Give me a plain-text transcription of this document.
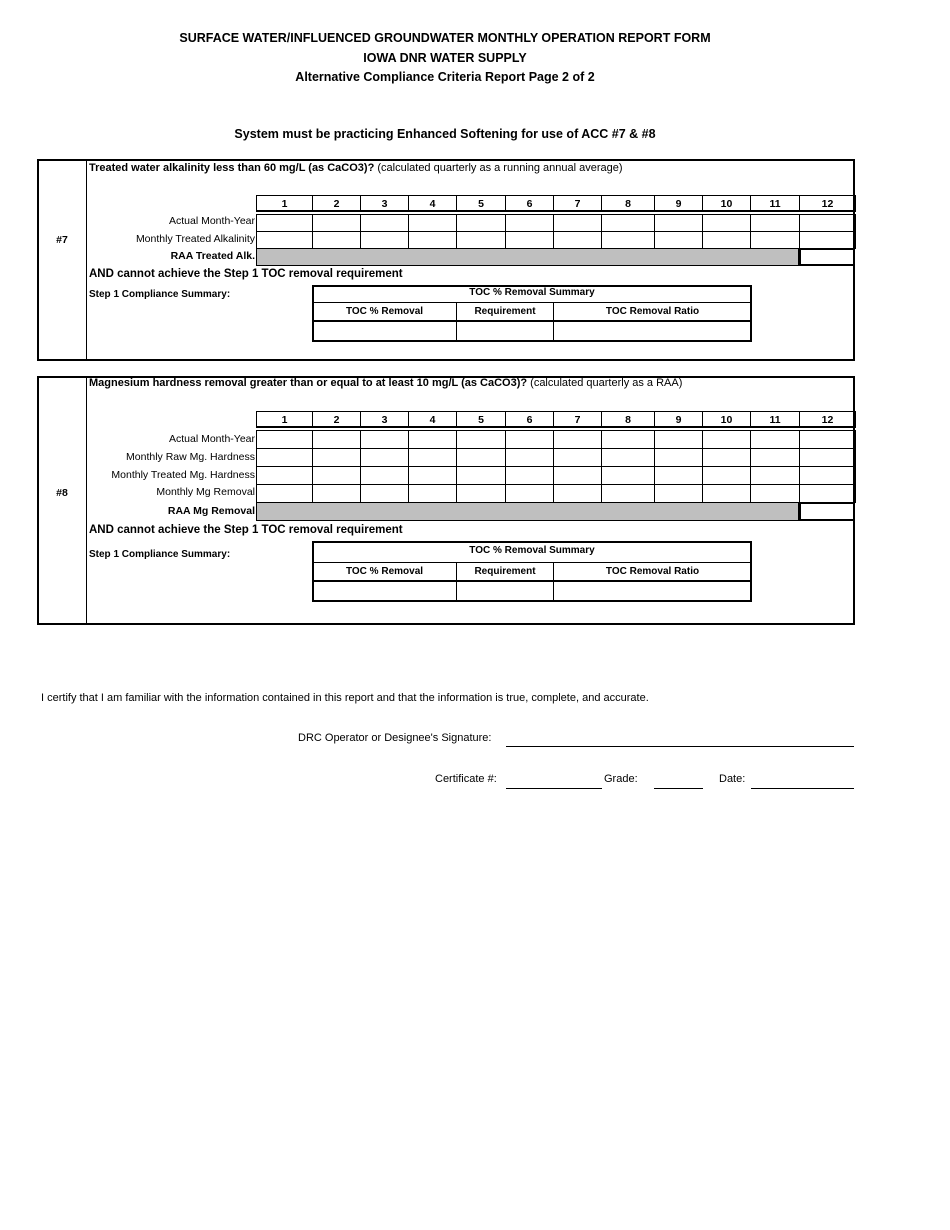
SURFACE WATER/INFLUENCED GROUNDWATER MONTHLY OPERATION REPORT FORM
IOWA DNR WATER SUPPLY
Alternative Compliance Criteria Report Page 2 of 2
System must be practicing Enhanced Softening for use of ACC #7 & #8
#7
Treated water alkalinity less than 60 mg/L (as CaCO3)? (calculated quarterly as a running annual average)
1	2	3	4	5	6	7	8	9	10	11	12
Actual Month-Year
Monthly Treated Alkalinity
RAA Treated Alk.
AND cannot achieve the Step 1 TOC removal requirement
Step 1 Compliance Summary:	TOC % Removal Summary
TOC % Removal	Requirement	TOC Removal Ratio
#8
Magnesium hardness removal greater than or equal to at least 10 mg/L (as CaCO3)? (calculated quarterly as a RAA)
1	2	3	4	5	6	7	8	9	10	11	12
Actual Month-Year
Monthly Raw Mg. Hardness
Monthly Treated Mg. Hardness
Monthly Mg Removal
RAA Mg Removal
AND cannot achieve the Step 1 TOC removal requirement
Step 1 Compliance Summary:	TOC % Removal Summary
TOC % Removal	Requirement	TOC Removal Ratio
I certify that I am familiar with the information contained in this report and that the information is true, complete, and accurate.
DRC Operator or Designee's Signature:
Certificate #:	Grade:	Date:
